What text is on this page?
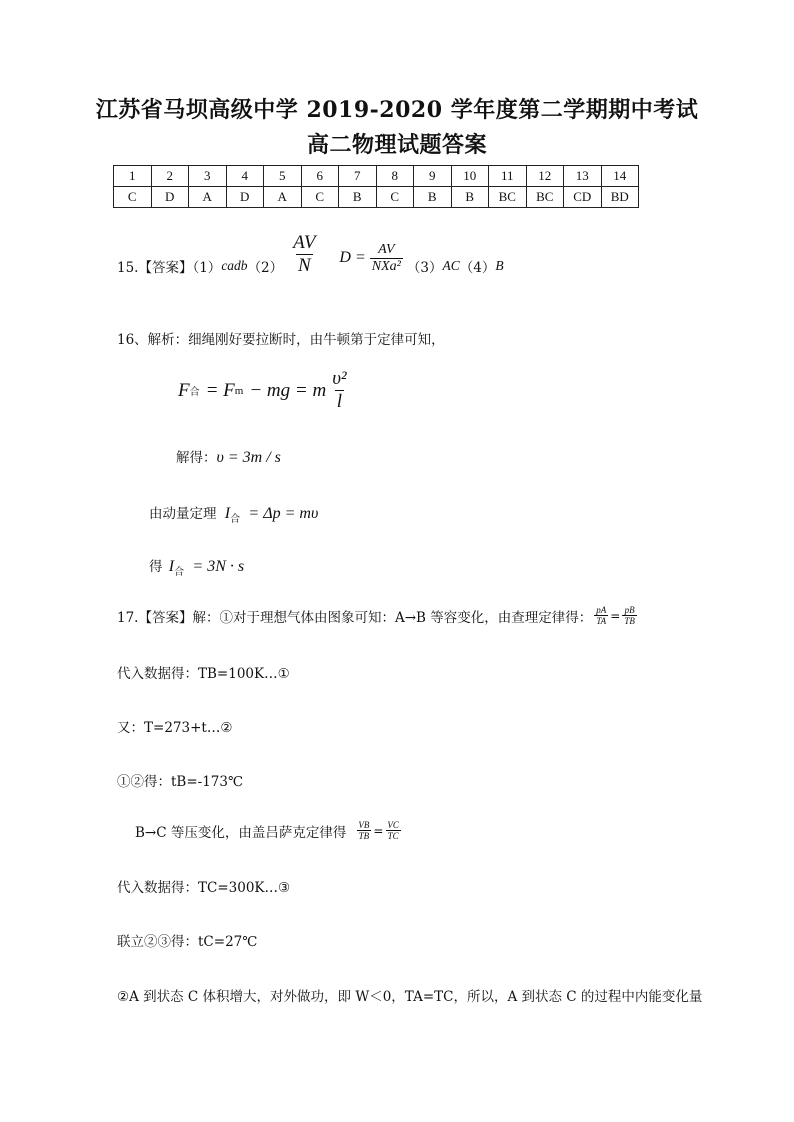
江苏省马坝高级中学 2019-2020 学年度第二学期期中考试
高二物理试题答案
1	2	3	4	5	6	7	8	9	10	11	12	13	14
C	D	A	D	A	C	B	C	B	B	BC	BC	CD	BD
15.【答案】（1） cadb $(2) \frac{AV}{N}$ $D = \frac{AV}{\text{NXa²}} (3)$ AC （4） B
16、解析：细绳刚好要拉断时，由牛顿第于定律可知，
F 合 = F m − mg = m $\frac{\text{υ²}}{l}$
解得：υ = 3m / s
由动量定理 $I_合 = \Delta p = m\upsilon$
得 $I_合 = 3N \cdot s$
17.【答案】解：①对于理想气体由图象可知：A→B 等容变化，由查理定律得： $\frac{pA}{TA} = \frac{pB}{TB}$
代入数据得：TB=100K…①
又：T=273+t…②
①②得：tB=-173℃
B→C 等压变化，由盖吕萨克定律得 $\frac{VB}{TB} = \frac{VC}{TC}$
代入数据得：TC=300K…③
联立②③得：tC=27℃
②A 到状态 C 体积增大，对外做功，即 W＜0，TA=TC，所以，A 到状态 C 的过程中内能变化量
